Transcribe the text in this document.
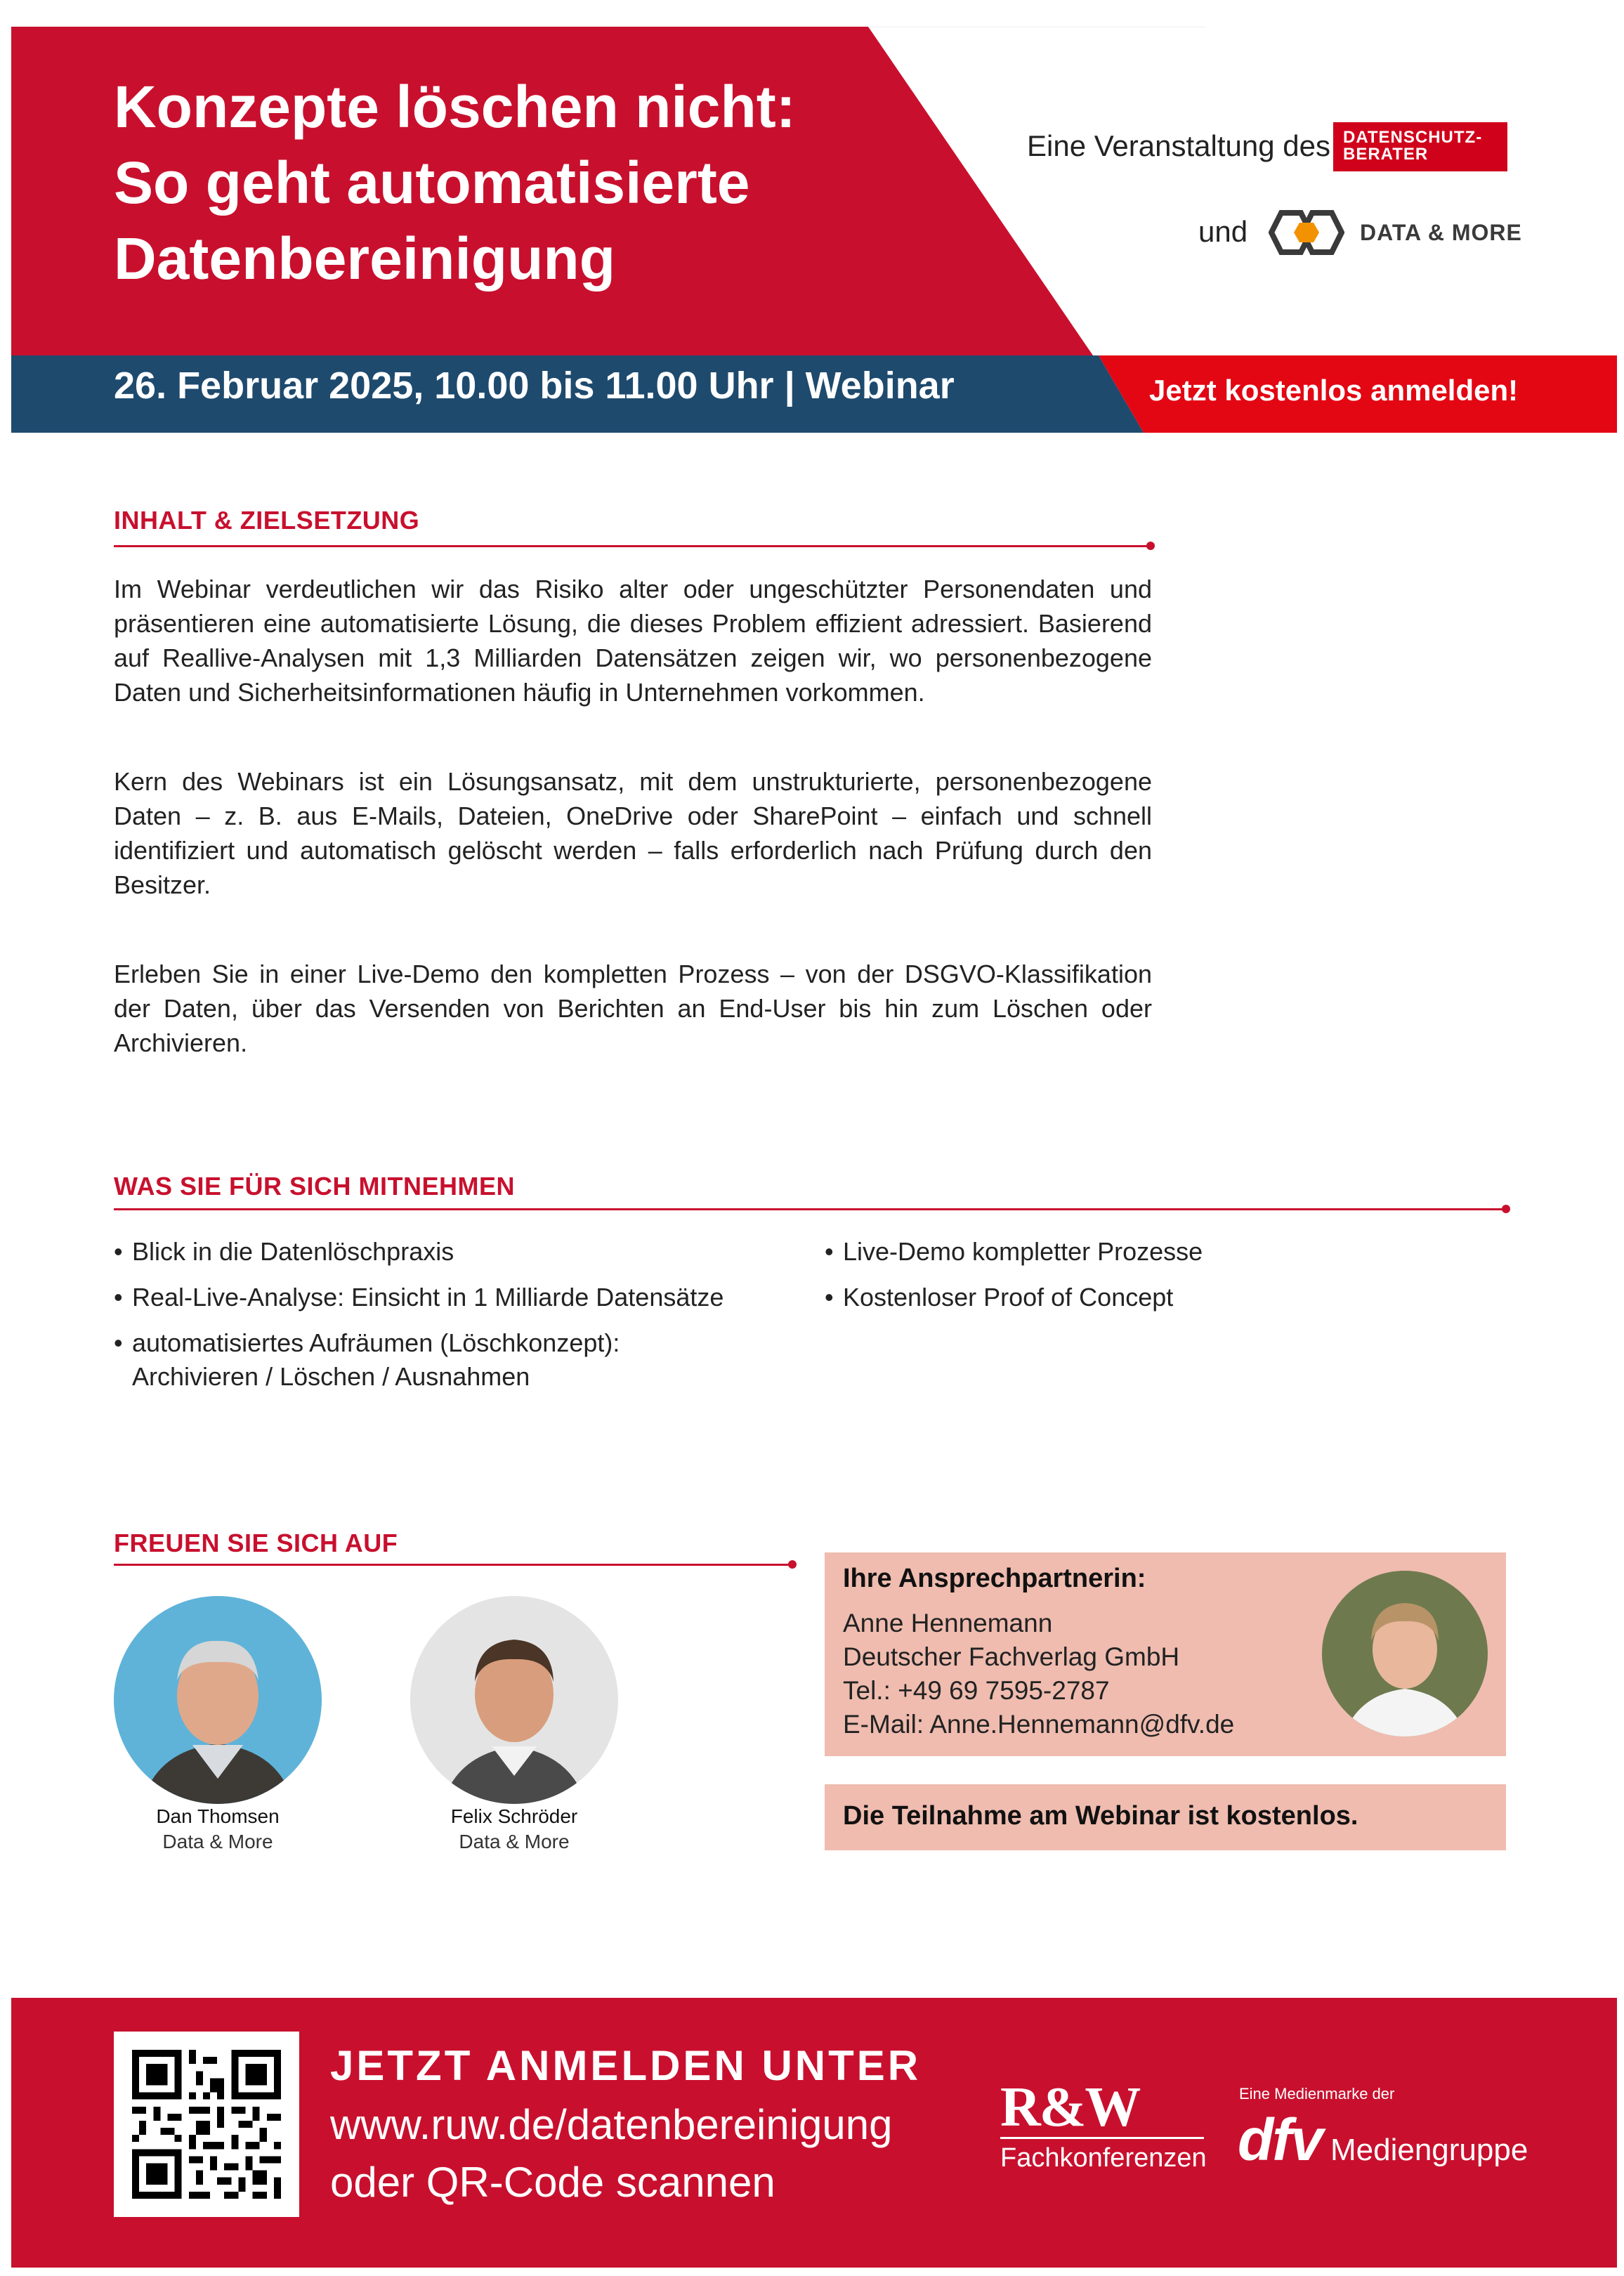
Konzepte löschen nicht:
So geht automatisierte
Datenbereinigung
Eine Veranstaltung des DATENSCHUTZ-
BERATER
und	DATA & MORE
26. Februar 2025, 10.00 bis 11.00 Uhr | Webinar	Jetzt kostenlos anmelden!
INHALT & ZIELSETZUNG
Im Webinar verdeutlichen wir das Risiko alter oder ungeschützter Personendaten und präsentieren eine automatisierte Lösung, die dieses Problem effizient adressiert. Basierend auf Reallive-Analysen mit 1,3 Milliarden Datensätzen zeigen wir, wo personenbezogene Daten und Sicherheitsinformationen häufig in Unternehmen vorkommen.
Kern des Webinars ist ein Lösungsansatz, mit dem unstrukturierte, personenbezogene Daten – z. B. aus E-Mails, Dateien, OneDrive oder SharePoint – einfach und schnell identifiziert und automatisch gelöscht werden – falls erforderlich nach Prüfung durch den Besitzer.
Erleben Sie in einer Live-Demo den kompletten Prozess – von der DSGVO-Klassifikation der Daten, über das Versenden von Berichten an End-User bis hin zum Löschen oder Archivieren.
WAS SIE FÜR SICH MITNEHMEN
• Blick in die Datenlöschpraxis
• Real-Live-Analyse: Einsicht in 1 Milliarde Datensätze
• automatisiertes Aufräumen (Löschkonzept): Archivieren / Löschen / Ausnahmen
• Live-Demo kompletter Prozesse
• Kostenloser Proof of Concept
FREUEN SIE SICH AUF
Dan Thomsen
Data & More
Felix Schröder
Data & More
Ihre Ansprechpartnerin:
Anne Hennemann
Deutscher Fachverlag GmbH
Tel.: +49 69 7595-2787
E-Mail: Anne.Hennemann@dfv.de
Die Teilnahme am Webinar ist kostenlos.
JETZT ANMELDEN UNTER
www.ruw.de/datenbereinigung
oder QR-Code scannen
R&W
Fachkonferenzen
Eine Medienmarke der
dfv Mediengruppe
